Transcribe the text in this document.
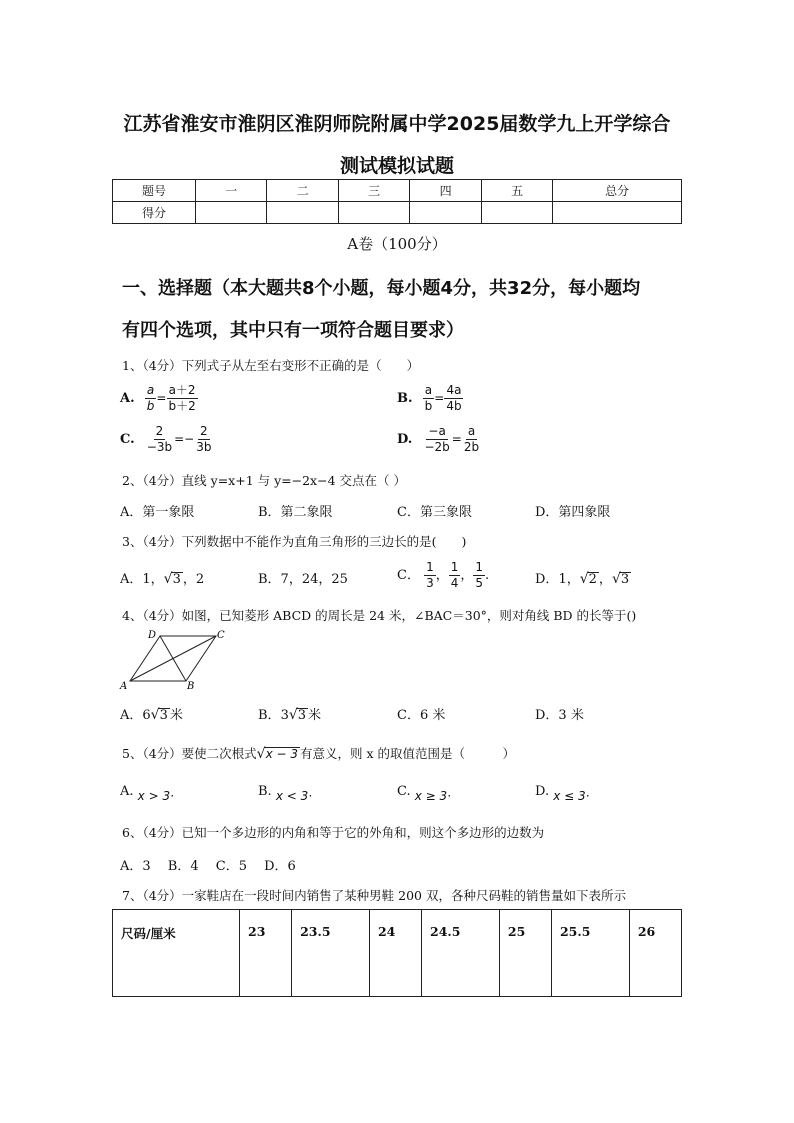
江苏省淮安市淮阴区淮阴师院附属中学2025届数学九上开学综合
测试模拟试题
题号	一	二	三	四	五	总分
得分						
A卷（100分）
一、选择题（本大题共8个小题，每小题4分，共32分，每小题均
有四个选项，其中只有一项符合题目要求）
1、（4分）下列式子从左至右变形不正确的是（　　）
A. $\frac{a}{b} = \frac{a+2}{b+2}$	B. $\frac{a}{b} = \frac{4a}{4b}$
C. $\frac{2}{-3b} =- \frac{2}{3b}$	D. $\frac{-a}{-2b} = \frac{a}{2b}$
2、（4分）直线 y=x+1 与 y=−2x−4 交点在（ ）
A．第一象限	B．第二象限	C．第三象限	D．第四象限
3、（4分）下列数据中不能作为直角三角形的三边长的是(　　)
A．1，√3 ，2	B．7，24，25	C． $\frac{1}{3}$ ， $\frac{1}{4}$ ， $\frac{1}{5}$ .	D．1，√2 ，√3
4、（4分）如图，已知菱形 ABCD 的周长是 24 米，∠BAC＝30°，则对角线 BD 的长等于()
A	B
C
D
A．6√3 米	B．3√3 米	C．6 米	D．3 米
5、（4分）要使二次根式√x − 3 有意义，则 x 的取值范围是（　　　）
A. x > 3·	B. x < 3·	C. x ≥ 3·	D. x ≤ 3·
6、（4分）已知一个多边形的内角和等于它的外角和，则这个多边形的边数为
A．3　 B．4　 C．5　 D．6
7、（4分）一家鞋店在一段时间内销售了某种男鞋 200 双，各种尺码鞋的销售量如下表所示
尺码/厘米	23	23.5	24	24.5	25	25.5	26
